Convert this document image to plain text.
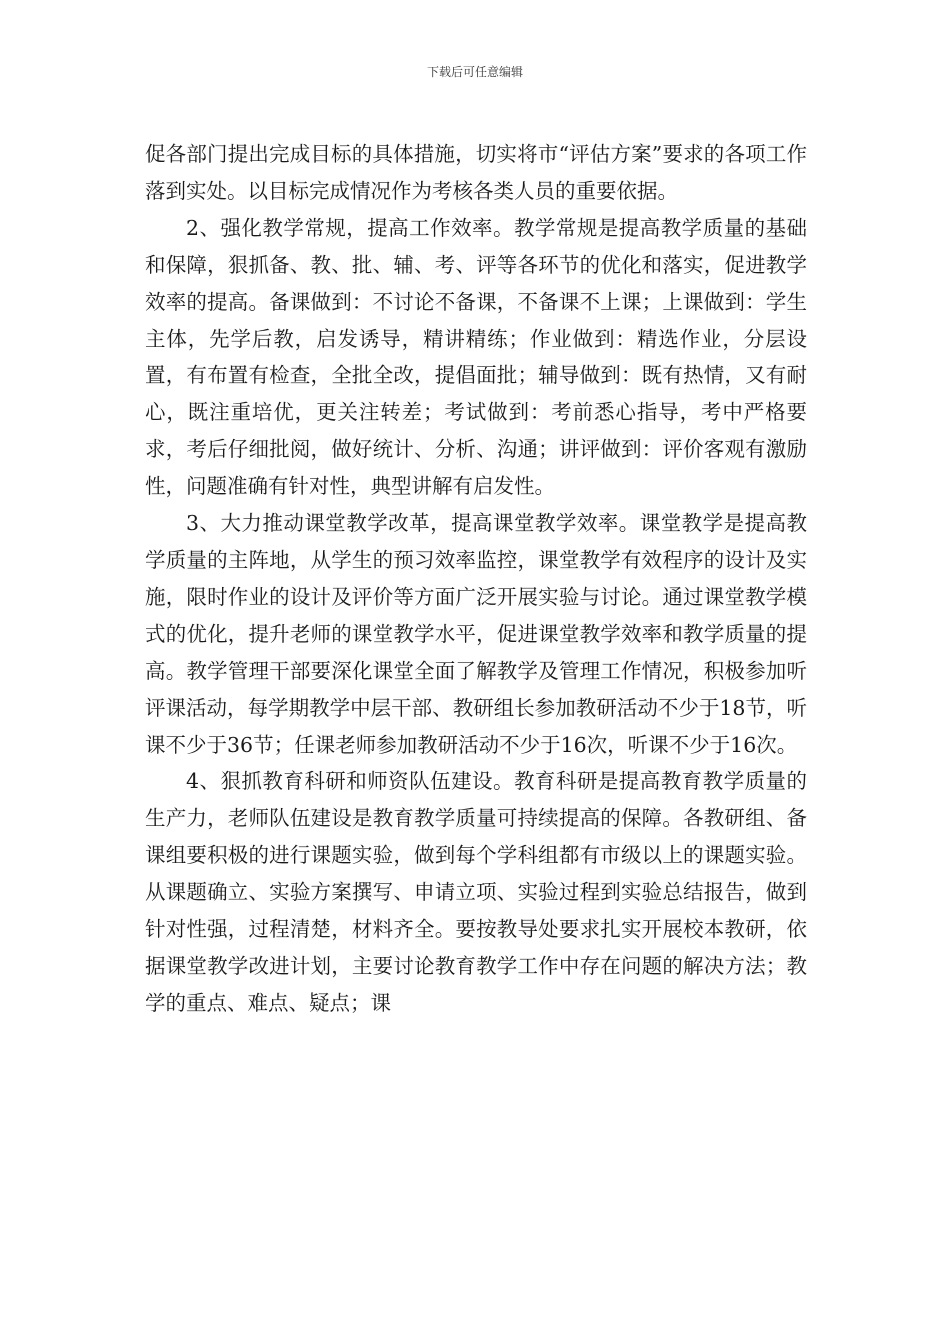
下载后可任意编辑

促各部门提出完成目标的具体措施，切实将市“评估方案”要求的各项工作落到实处。以目标完成情况作为考核各类人员的重要依据。

2、强化教学常规，提高工作效率。教学常规是提高教学质量的基础和保障，狠抓备、教、批、辅、考、评等各环节的优化和落实，促进教学效率的提高。备课做到：不讨论不备课，不备课不上课；上课做到：学生主体，先学后教，启发诱导，精讲精练；作业做到：精选作业，分层设置，有布置有检查，全批全改，提倡面批；辅导做到：既有热情，又有耐心，既注重培优，更关注转差；考试做到：考前悉心指导，考中严格要求，考后仔细批阅，做好统计、分析、沟通；讲评做到：评价客观有激励性，问题准确有针对性，典型讲解有启发性。

3、大力推动课堂教学改革，提高课堂教学效率。课堂教学是提高教学质量的主阵地，从学生的预习效率监控，课堂教学有效程序的设计及实施，限时作业的设计及评价等方面广泛开展实验与讨论。通过课堂教学模式的优化，提升老师的课堂教学水平，促进课堂教学效率和教学质量的提高。教学管理干部要深化课堂全面了解教学及管理工作情况，积极参加听评课活动，每学期教学中层干部、教研组长参加教研活动不少于18节，听课不少于36节；任课老师参加教研活动不少于16次，听课不少于16次。

4、狠抓教育科研和师资队伍建设。教育科研是提高教育教学质量的生产力，老师队伍建设是教育教学质量可持续提高的保障。各教研组、备课组要积极的进行课题实验，做到每个学科组都有市级以上的课题实验。从课题确立、实验方案撰写、申请立项、实验过程到实验总结报告，做到针对性强，过程清楚，材料齐全。要按教导处要求扎实开展校本教研，依据课堂教学改进计划，主要讨论教育教学工作中存在问题的解决方法；教学的重点、难点、疑点；课
